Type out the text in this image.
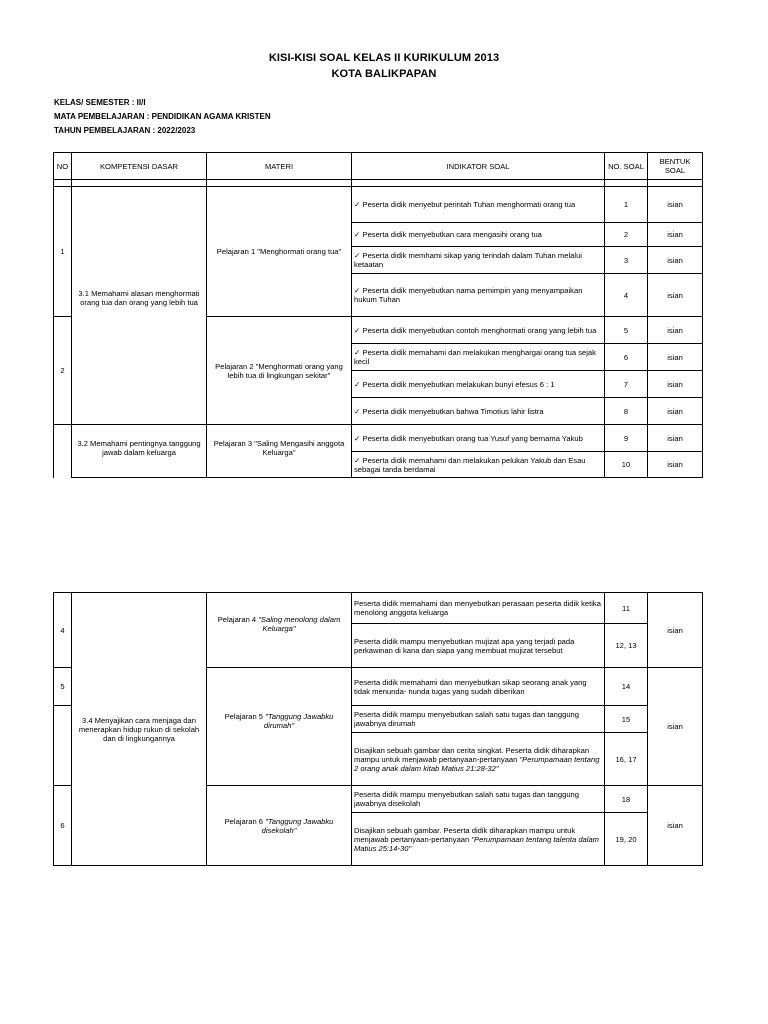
KISI-KISI SOAL KELAS II KURIKULUM 2013
KOTA BALIKPAPAN
KELAS/ SEMESTER : II/I
MATA PEMBELAJARAN : PENDIDIKAN AGAMA KRISTEN
TAHUN PEMBELAJARAN : 2022/2023
NO	KOMPETENSI DASAR	MATERI	INDIKATOR SOAL	NO. SOAL	BENTUK SOAL

1	3.1 Memahami alasan menghormati orang tua dan orang yang lebih tua	Pelajaran 1 "Menghormati orang tua"	✓ Peserta didik menyebut perintah Tuhan menghormati orang tua	1	isian
			✓ Peserta didik menyebutkan cara mengasihi orang tua	2	isian
			✓ Peserta didik memhami sikap yang terindah dalam Tuhan melalui ketaatan	3	isian
			✓ Peserta didik menyebutkan nama pemimpin yang menyampaikan hukum Tuhan	4	isian
2		Pelajaran 2 "Menghormati orang yang lebih tua di lingkungan sekitar"	✓ Peserta didik menyebutkan contoh menghormati orang yang lebih tua	5	isian
			✓ Peserta didik memahami dan melakukan menghargai orang tua sejak kecil	6	isian
			✓ Peserta didik menyebutkan melakukan bunyi efesus 6 : 1	7	isian
			✓ Peserta didik menyebutkan bahwa Timotius lahir listra	8	isian
	3.2 Memahami pentingnya tanggung jawab dalam keluarga	Pelajaran 3 "Saling Mengasihi anggota Keluarga"	✓ Peserta didik menyebutkan orang tua Yusuf yang bernama Yakub	9	isian
			✓ Peserta didik memahami dan melakukan pelukan Yakub dan Esau sebagai tanda berdamai	10	isian
4	3.4 Menyajikan cara menjaga dan menerapkan hidup rukun di sekolah dan di lingkungannya	Pelajaran 4 "Saling menolong dalam Keluarga"	Peserta didik memahami dan menyebutkan perasaan peserta didik ketika menolong anggota keluarga	11	isian
			Peserta didik mampu menyebutkan mujizat apa yang terjadi pada perkawinan di kana dan siapa yang membuat mujizat tersebut	12, 13	
5			Peserta didik memahami dan menyebutkan sikap seorang anak yang tidak menunda- nunda tugas yang sudah diberikan	14	isian
		Pelajaran 5 "Tanggung Jawabku dirumah"	Peserta didik mampu menyebutkan salah satu tugas dan tanggung jawabnya dirumah	15	
			Disajikan sebuah gambar dan cerita singkat. Peserta didik diharapkan mampu untuk menjawab pertanyaan-pertanyaan "Perumpamaan tentang 2 orang anak dalam kitab Matius 21:28-32"	16, 17	
6		Pelajaran 6 "Tanggung Jawabku disekolah"	Peserta didik mampu menyebutkan salah satu tugas dan tanggung jawabnya disekolah	18	isian
			Disajikan sebuah gambar. Peserta didik diharapkan mampu untuk menjawab pertanyaan-pertanyaan "Perumpamaan tentang talenta dalam Matius 25:14-30"	19, 20	
